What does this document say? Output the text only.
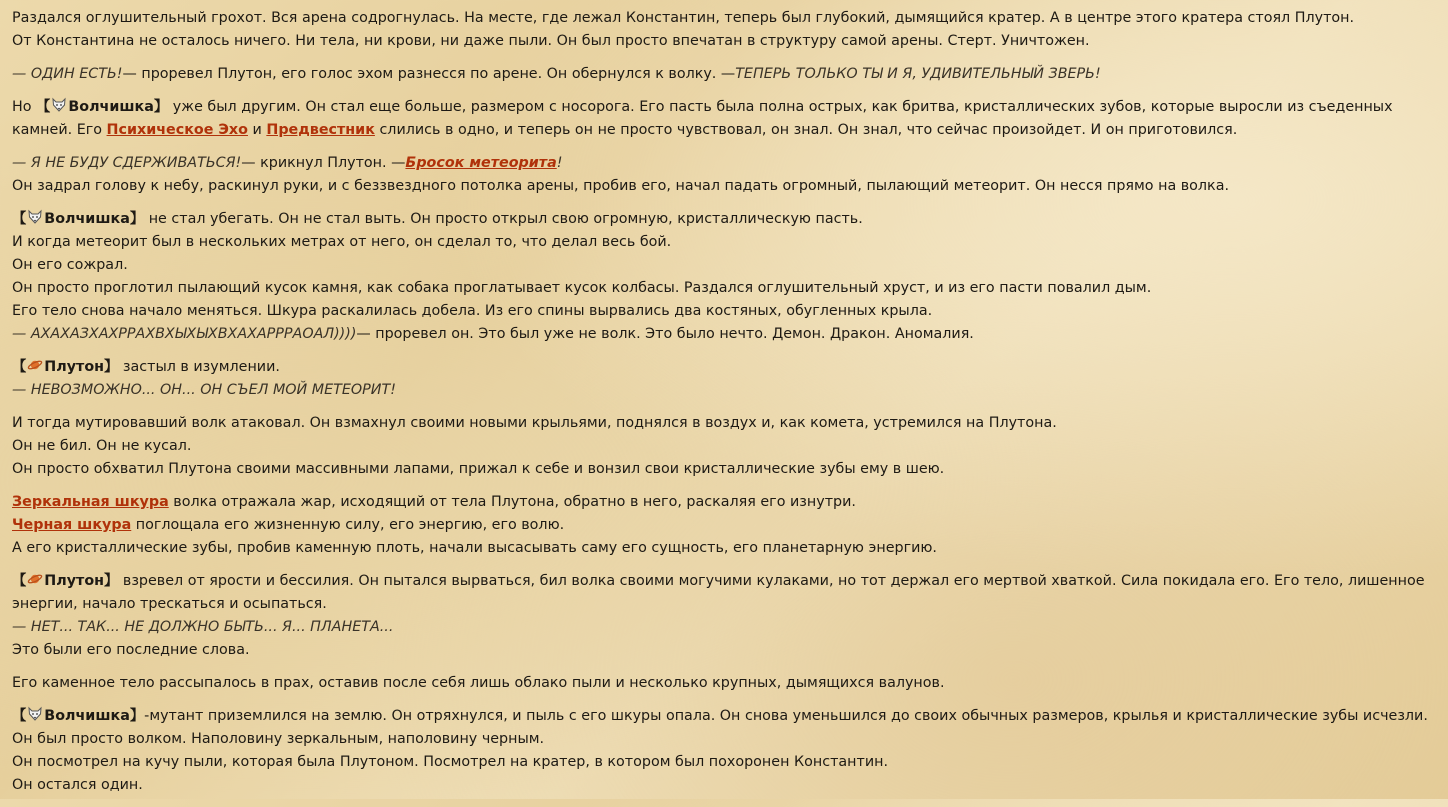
Раздался оглушительный грохот. Вся арена содрогнулась. На месте, где лежал Константин, теперь был глубокий, дымящийся кратер. А в центре этого кратера стоял Плутон.
От Константина не осталось ничего. Ни тела, ни крови, ни даже пыли. Он был просто впечатан в структуру самой арены. Стерт. Уничтожен.
— ОДИН ЕСТЬ!— проревел Плутон, его голос эхом разнесся по арене. Он обернулся к волку. —ТЕПЕРЬ ТОЛЬКО ТЫ И Я, УДИВИТЕЛЬНЫЙ ЗВЕРЬ!
Но 【 Волчишка】 уже был другим. Он стал еще больше, размером с носорога. Его пасть была полна острых, как бритва, кристаллических зубов, которые выросли из съеденных камней. Его Психическое Эхо и Предвестник слились в одно, и теперь он не просто чувствовал, он знал. Он знал, что сейчас произойдет. И он приготовился.
— Я НЕ БУДУ СДЕРЖИВАТЬСЯ!— крикнул Плутон. —Бросок метеорита!
Он задрал голову к небу, раскинул руки, и с беззвездного потолка арены, пробив его, начал падать огромный, пылающий метеорит. Он несся прямо на волка.
【 Волчишка】 не стал убегать. Он не стал выть. Он просто открыл свою огромную, кристаллическую пасть.
И когда метеорит был в нескольких метрах от него, он сделал то, что делал весь бой.
Он его сожрал.
Он просто проглотил пылающий кусок камня, как собака проглатывает кусок колбасы. Раздался оглушительный хруст, и из его пасти повалил дым.
Его тело снова начало меняться. Шкура раскалилась добела. Из его спины вырвались два костяных, обугленных крыла.
— АХАХАЗХАХРРАХВХЫХЫХВХАХАРРРАОАЛ))))— проревел он. Это был уже не волк. Это было нечто. Демон. Дракон. Аномалия.
【 Плутон】 застыл в изумлении.
— НЕВОЗМОЖНО... ОН... ОН СЪЕЛ МОЙ МЕТЕОРИТ!
И тогда мутировавший волк атаковал. Он взмахнул своими новыми крыльями, поднялся в воздух и, как комета, устремился на Плутона.
Он не бил. Он не кусал.
Он просто обхватил Плутона своими массивными лапами, прижал к себе и вонзил свои кристаллические зубы ему в шею.
Зеркальная шкура волка отражала жар, исходящий от тела Плутона, обратно в него, раскаляя его изнутри.
Черная шкура поглощала его жизненную силу, его энергию, его волю.
А его кристаллические зубы, пробив каменную плоть, начали высасывать саму его сущность, его планетарную энергию.
【 Плутон】 взревел от ярости и бессилия. Он пытался вырваться, бил волка своими могучими кулаками, но тот держал его мертвой хваткой. Сила покидала его. Его тело, лишенное энергии, начало трескаться и осыпаться.
— НЕТ... ТАК... НЕ ДОЛЖНО БЫТЬ... Я... ПЛАНЕТА...
Это были его последние слова.
Его каменное тело рассыпалось в прах, оставив после себя лишь облако пыли и несколько крупных, дымящихся валунов.
【 Волчишка】-мутант приземлился на землю. Он отряхнулся, и пыль с его шкуры опала. Он снова уменьшился до своих обычных размеров, крылья и кристаллические зубы исчезли.
Он был просто волком. Наполовину зеркальным, наполовину черным.
Он посмотрел на кучу пыли, которая была Плутоном. Посмотрел на кратер, в котором был похоронен Константин.
Он остался один.
